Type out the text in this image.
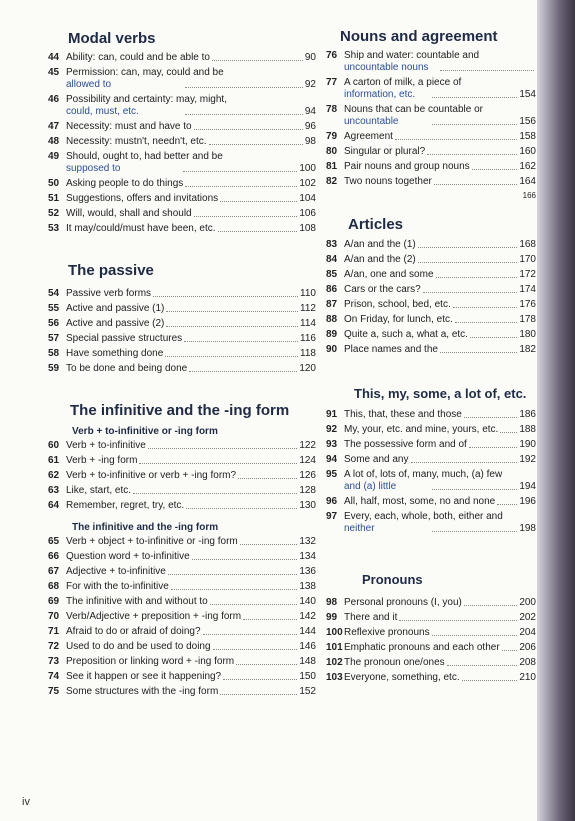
Modal verbs
44 Ability: can, could and be able to	90
45 Permission: can, may, could and be
allowed to	92
46 Possibility and certainty: may, might,
could, must, etc.	94
47 Necessity: must and have to	96
48 Necessity: mustn't, needn't, etc.	98
49 Should, ought to, had better and be
supposed to	100
50 Asking people to do things	102
51 Suggestions, offers and invitations	104
52 Will, would, shall and should	106
53 It may/could/must have been, etc.	108
The passive
54 Passive verb forms	110
55 Active and passive (1)	112
56 Active and passive (2)	114
57 Special passive structures	116
58 Have something done	118
59 To be done and being done	120
The infinitive and the -ing form
Verb + to-infinitive or -ing form
60 Verb + to-infinitive	122
61 Verb + -ing form	124
62 Verb + to-infinitive or verb + -ing form?	126
63 Like, start, etc.	128
64 Remember, regret, try, etc.	130
The infinitive and the -ing form
65 Verb + object + to-infinitive or -ing form	132
66 Question word + to-infinitive	134
67 Adjective + to-infinitive	136
68 For with the to-infinitive	138
69 The infinitive with and without to	140
70 Verb/Adjective + preposition + -ing form	142
71 Afraid to do or afraid of doing?	144
72 Used to do and be used to doing	146
73 Preposition or linking word + -ing form	148
74 See it happen or see it happening?	150
75 Some structures with the -ing form	152
Nouns and agreement
76 Ship and water: countable and
uncountable nouns
77 A carton of milk, a piece of
information, etc.	154
78 Nouns that can be countable or
uncountable	156
79 Agreement	158
80 Singular or plural?	160
81 Pair nouns and group nouns	162
82 Two nouns together	164
166
Articles
83 A/an and the (1)	168
84 A/an and the (2)	170
85 A/an, one and some	172
86 Cars or the cars?	174
87 Prison, school, bed, etc.	176
88 On Friday, for lunch, etc.	178
89 Quite a, such a, what a, etc.	180
90 Place names and the	182
This, my, some, a lot of, etc.
91 This, that, these and those	186
92 My, your, etc. and mine, yours, etc. 188
93 The possessive form and of	190
94 Some and any	192
95 A lot of, lots of, many, much, (a) few
and (a) little	194
96 All, half, most, some, no and none 196
97 Every, each, whole, both, either and
neither	198
Pronouns
98 Personal pronouns (I, you)	200
99 There and it	202
100 Reflexive pronouns	204
101 Emphatic pronouns and each other 206
102 The pronoun one/ones	208
103 Everyone, something, etc.	210
iv
